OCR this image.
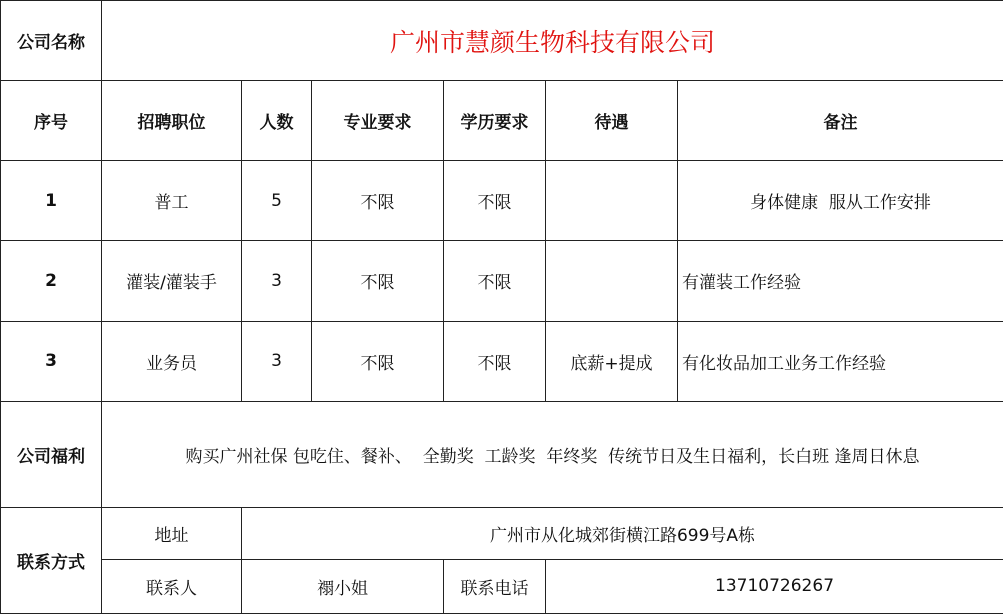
公司名称	广州市慧颜生物科技有限公司					
序号	招聘职位	人数	专业要求	学历要求	待遇	备注
1	普工	5	不限	不限		身体健康  服从工作安排
2	灌装/灌装手	3	不限	不限		有灌装工作经验
3	业务员	3	不限	不限	底薪+提成	有化妆品加工业务工作经验
公司福利	购买广州社保 包吃住、餐补、  全勤奖  工龄奖  年终奖  传统节日及生日福利，长白班 逢周日休息					
联系方式	地址	广州市从化城郊街横江路699号A栋				
	联系人	禤小姐		联系电话	13710726267	
